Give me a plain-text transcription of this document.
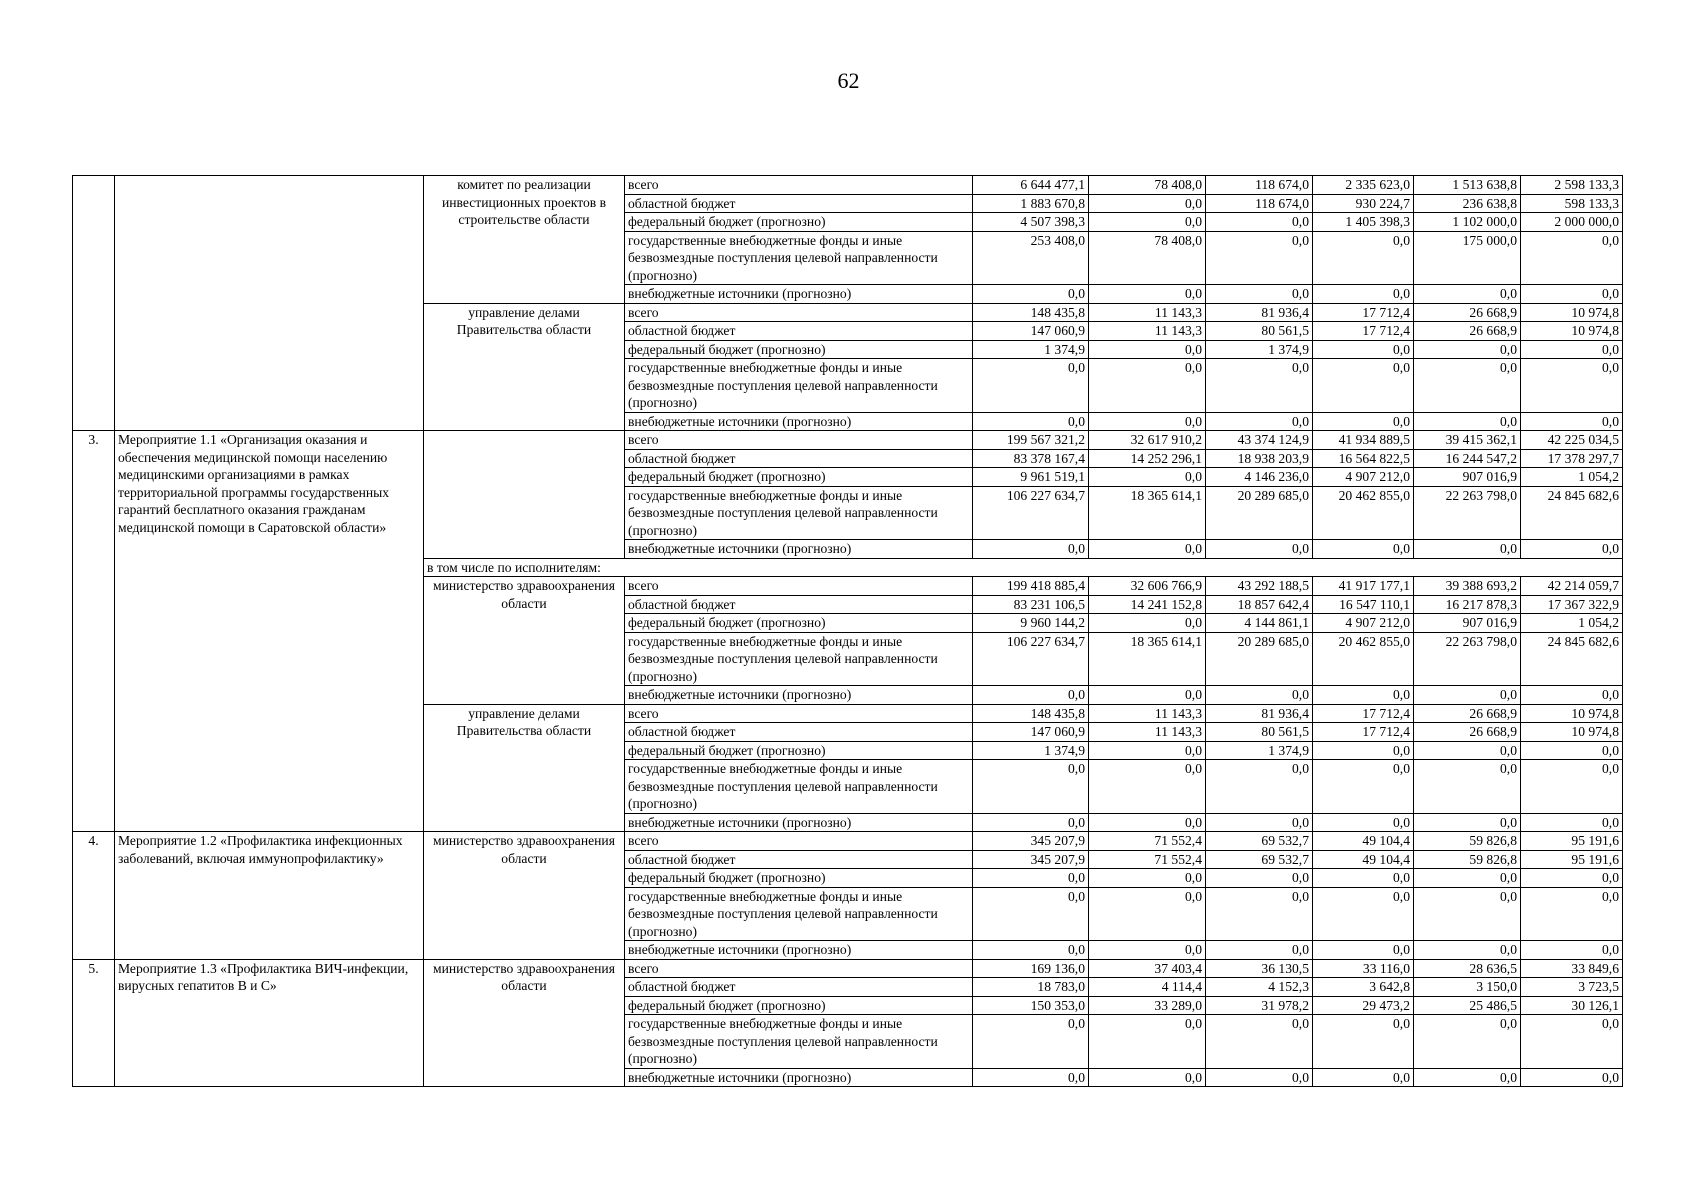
62
		комитет по реализации инвестиционных проектов в строительстве области	всего	6 644 477,1	78 408,0	118 674,0	2 335 623,0	1 513 638,8	2 598 133,3
			областной бюджет	1 883 670,8	0,0	118 674,0	930 224,7	236 638,8	598 133,3
			федеральный бюджет (прогнозно)	4 507 398,3	0,0	0,0	1 405 398,3	1 102 000,0	2 000 000,0
			государственные внебюджетные фонды и иные безвозмездные поступления целевой направленности (прогнозно)	253 408,0	78 408,0	0,0	0,0	175 000,0	0,0
			внебюджетные источники (прогнозно)	0,0	0,0	0,0	0,0	0,0	0,0
		управление делами Правительства области	всего	148 435,8	11 143,3	81 936,4	17 712,4	26 668,9	10 974,8
			областной бюджет	147 060,9	11 143,3	80 561,5	17 712,4	26 668,9	10 974,8
			федеральный бюджет (прогнозно)	1 374,9	0,0	1 374,9	0,0	0,0	0,0
			государственные внебюджетные фонды и иные безвозмездные поступления целевой направленности (прогнозно)	0,0	0,0	0,0	0,0	0,0	0,0
			внебюджетные источники (прогнозно)	0,0	0,0	0,0	0,0	0,0	0,0
3.	Мероприятие 1.1 «Организация оказания и обеспечения медицинской помощи населению медицинскими организациями в рамках территориальной программы государственных гарантий бесплатного оказания гражданам медицинской помощи в Саратовской области»		всего	199 567 321,2	32 617 910,2	43 374 124,9	41 934 889,5	39 415 362,1	42 225 034,5
			областной бюджет	83 378 167,4	14 252 296,1	18 938 203,9	16 564 822,5	16 244 547,2	17 378 297,7
			федеральный бюджет (прогнозно)	9 961 519,1	0,0	4 146 236,0	4 907 212,0	907 016,9	1 054,2
			государственные внебюджетные фонды и иные безвозмездные поступления целевой направленности (прогнозно)	106 227 634,7	18 365 614,1	20 289 685,0	20 462 855,0	22 263 798,0	24 845 682,6
			внебюджетные источники (прогнозно)	0,0	0,0	0,0	0,0	0,0	0,0
		в том числе по исполнителям:							
		министерство здравоохранения области	всего	199 418 885,4	32 606 766,9	43 292 188,5	41 917 177,1	39 388 693,2	42 214 059,7
			областной бюджет	83 231 106,5	14 241 152,8	18 857 642,4	16 547 110,1	16 217 878,3	17 367 322,9
			федеральный бюджет (прогнозно)	9 960 144,2	0,0	4 144 861,1	4 907 212,0	907 016,9	1 054,2
			государственные внебюджетные фонды и иные безвозмездные поступления целевой направленности (прогнозно)	106 227 634,7	18 365 614,1	20 289 685,0	20 462 855,0	22 263 798,0	24 845 682,6
			внебюджетные источники (прогнозно)	0,0	0,0	0,0	0,0	0,0	0,0
		управление делами Правительства области	всего	148 435,8	11 143,3	81 936,4	17 712,4	26 668,9	10 974,8
			областной бюджет	147 060,9	11 143,3	80 561,5	17 712,4	26 668,9	10 974,8
			федеральный бюджет (прогнозно)	1 374,9	0,0	1 374,9	0,0	0,0	0,0
			государственные внебюджетные фонды и иные безвозмездные поступления целевой направленности (прогнозно)	0,0	0,0	0,0	0,0	0,0	0,0
			внебюджетные источники (прогнозно)	0,0	0,0	0,0	0,0	0,0	0,0
4.	Мероприятие 1.2 «Профилактика инфекционных заболеваний, включая иммунопрофилактику»	министерство здравоохранения области	всего	345 207,9	71 552,4	69 532,7	49 104,4	59 826,8	95 191,6
			областной бюджет	345 207,9	71 552,4	69 532,7	49 104,4	59 826,8	95 191,6
			федеральный бюджет (прогнозно)	0,0	0,0	0,0	0,0	0,0	0,0
			государственные внебюджетные фонды и иные безвозмездные поступления целевой направленности (прогнозно)	0,0	0,0	0,0	0,0	0,0	0,0
			внебюджетные источники (прогнозно)	0,0	0,0	0,0	0,0	0,0	0,0
5.	Мероприятие 1.3 «Профилактика ВИЧ-инфекции, вирусных гепатитов В и С»	министерство здравоохранения области	всего	169 136,0	37 403,4	36 130,5	33 116,0	28 636,5	33 849,6
			областной бюджет	18 783,0	4 114,4	4 152,3	3 642,8	3 150,0	3 723,5
			федеральный бюджет (прогнозно)	150 353,0	33 289,0	31 978,2	29 473,2	25 486,5	30 126,1
			государственные внебюджетные фонды и иные безвозмездные поступления целевой направленности (прогнозно)	0,0	0,0	0,0	0,0	0,0	0,0
			внебюджетные источники (прогнозно)	0,0	0,0	0,0	0,0	0,0	0,0
